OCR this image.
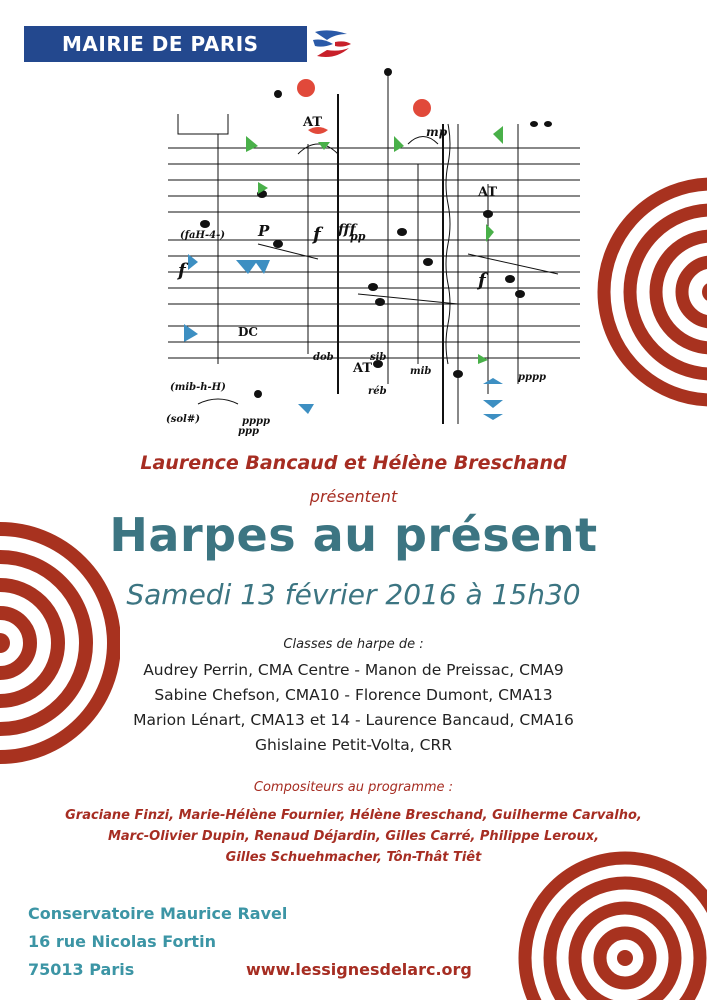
MAIRIE DE PARIS
AT
AT
AT
P f
f	f
fff
pp
mp
DC
pppp
pppp
(sol#)
(mib-h-H)
(faH-4-)
dob	sib
réb
mib
ppp

Laurence Bancaud et Hélène Breschand

présentent

Harpes au présent

Samedi 13 février 2016 à 15h30

Classes de harpe de :

Audrey Perrin, CMA Centre - Manon de Preissac, CMA9

Sabine Chefson, CMA10 - Florence Dumont, CMA13

Marion Lénart, CMA13 et 14 - Laurence Bancaud, CMA16

Ghislaine Petit-Volta, CRR

Compositeurs au programme :

Graciane Finzi, Marie-Hélène Fournier, Hélène Breschand, Guilherme Carvalho,

Marc-Olivier Dupin, Renaud Déjardin, Gilles Carré, Philippe Leroux,

Gilles Schuehmacher, Tôn-Thât Tiêt

Conservatoire Maurice Ravel
16 rue Nicolas Fortin
75013 Paris	www.lessignesdelarc.org
